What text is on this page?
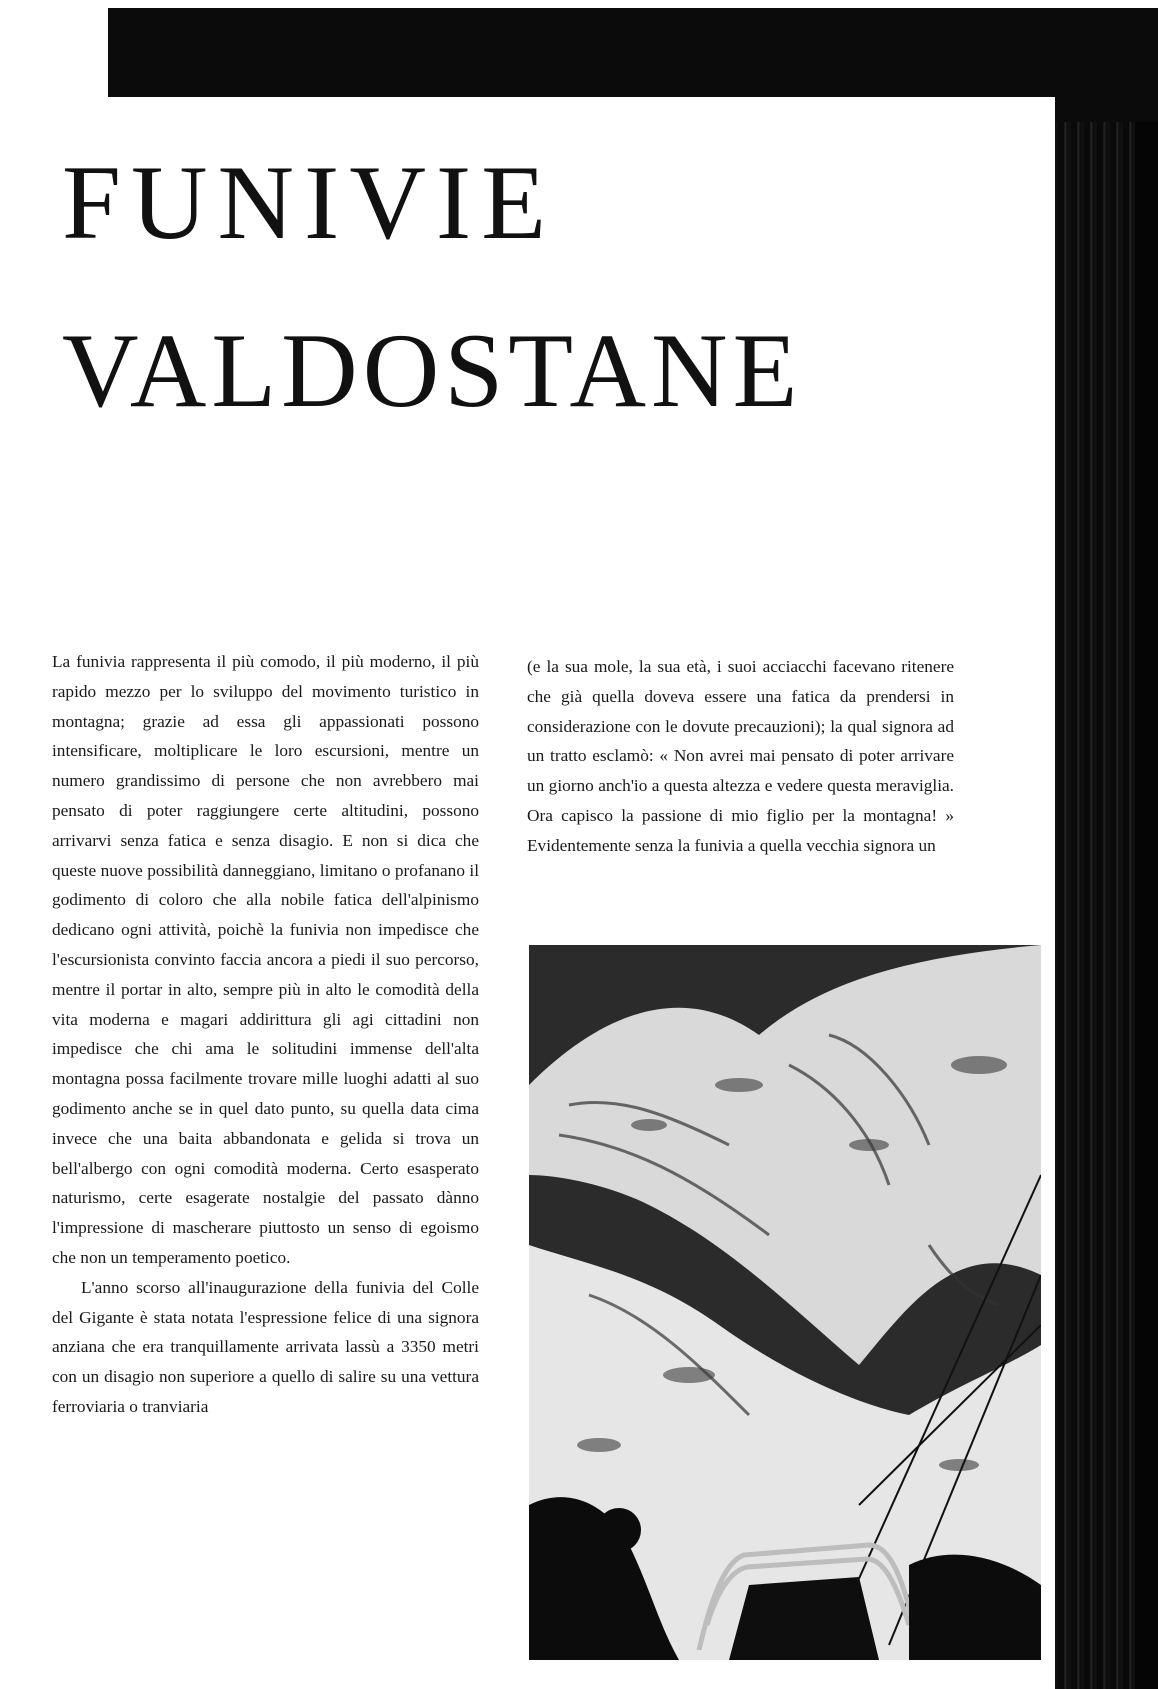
FUNIVIE
VALDOSTANE

La funivia rappresenta il più comodo, il più moderno, il più rapido mezzo per lo sviluppo del movimento turistico in montagna; grazie ad essa gli appassionati possono intensificare, moltiplicare le loro escursioni, mentre un numero grandissimo di persone che non avrebbero mai pensato di poter raggiungere certe altitudini, possono arrivarvi senza fatica e senza disagio. E non si dica che queste nuove possibilità danneggiano, limitano o profanano il godimento di coloro che alla nobile fatica dell'alpinismo dedicano ogni attività, poichè la funivia non impedisce che l'escursionista convinto faccia ancora a piedi il suo percorso, mentre il portar in alto, sempre più in alto le comodità della vita moderna e magari addirittura gli agi cittadini non impedisce che chi ama le solitudini immense dell'alta montagna possa facilmente trovare mille luoghi adatti al suo godimento anche se in quel dato punto, su quella data cima invece che una baita abbandonata e gelida si trova un bell'albergo con ogni comodità moderna. Certo esasperato naturismo, certe esagerate nostalgie del passato dànno l'impressione di mascherare piuttosto un senso di egoismo che non un temperamento poetico.

L'anno scorso all'inaugurazione della funivia del Colle del Gigante è stata notata l'espressione felice di una signora anziana che era tranquillamente arrivata lassù a 3350 metri con un disagio non superiore a quello di salire su una vettura ferroviaria o tranviaria

(e la sua mole, la sua età, i suoi acciacchi facevano ritenere che già quella doveva essere una fatica da prendersi in considerazione con le dovute precauzioni); la qual signora ad un tratto esclamò: « Non avrei mai pensato di poter arrivare un giorno anch'io a questa altezza e vedere questa meraviglia. Ora capisco la passione di mio figlio per la montagna! » Evidentemente senza la funivia a quella vecchia signora un
